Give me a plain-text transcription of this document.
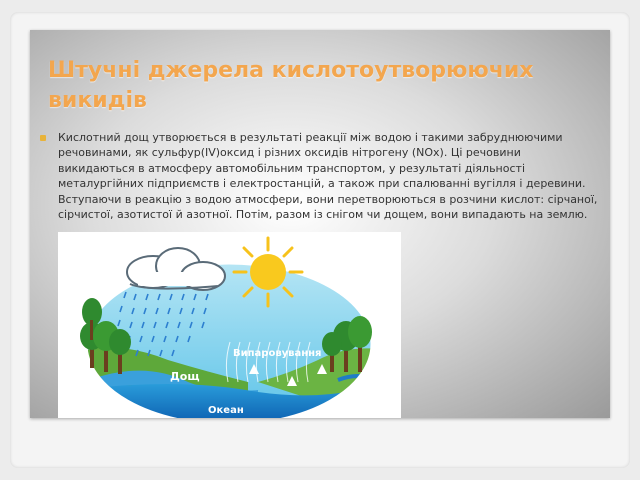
Штучні джерела кислотоутворюючих викидів

Кислотний дощ утворюється в результаті реакції між водою і такими забруднюючими речовинами, як сульфур(IV)оксид і різних оксидів нітрогену (NOx). Ці речовини викидаються в атмосферу автомобільним транспортом, у результаті діяльності металургійних підприємств і електростанцій, а також при спалюванні вугілля і деревини. Вступаючи в реакцію з водою атмосфери, вони перетворюються в розчини кислот: сірчаної, сірчистої, азотистої й азотної. Потім, разом із снігом чи дощем, вони випадають на землю.

Випаровування
Дощ
Океан
